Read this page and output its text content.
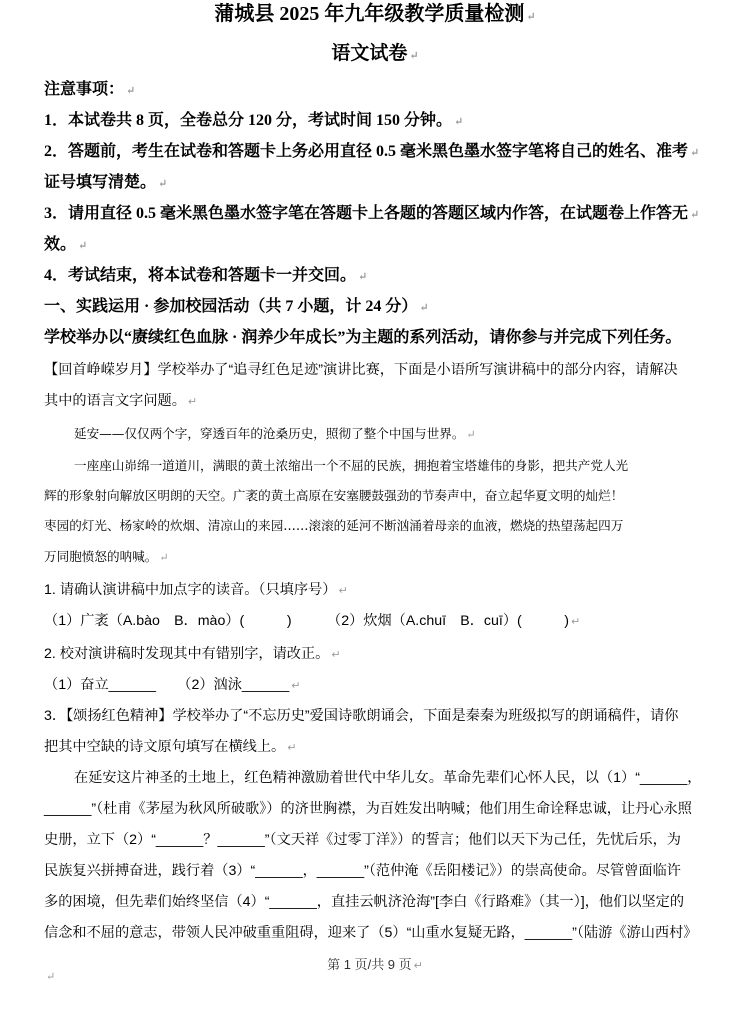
蒲城县 2025 年九年级教学质量检测 ↵
语文试卷 ↵
注意事项： ↵
1．本试卷共 8 页，全卷总分 120 分，考试时间 150 分钟。 ↵
2．答题前，考生在试卷和答题卡上务必用直径 0.5 毫米黑色墨水签字笔将自己的姓名、准考 ↵
证号填写清楚。 ↵
3．请用直径 0.5 毫米黑色墨水签字笔在答题卡上各题的答题区域内作答，在试题卷上作答无 ↵
效。 ↵
4．考试结束，将本试卷和答题卡一并交回。 ↵
一、实践运用 · 参加校园活动（共 7 小题，计 24 分） ↵
学校举办以“赓续红色血脉 · 润养少年成长”为主题的系列活动，请你参与并完成下列任务。
【回首峥嵘岁月】学校举办了“追寻红色足迹”演讲比赛，下面是小语所写演讲稿中的部分内容，请解决
其中的语言文字问题。 ↵
延安——仅仅两个字，穿透百年的沧桑历史，照彻了整个中国与世界。 ↵
一座座山峁绵一道道川，满眼的黄土浓缩出一个不屈的民族，拥抱着宝塔雄伟的身影，把共产党人光
辉的形象射向解放区明朗的天空。广袤的黄土高原在安塞腰鼓强劲的节奏声中，奋立起华夏文明的灿烂！
枣园的灯光、杨家岭的炊烟、清凉山的来园……滚滚的延河不断汹涌着母亲的血液，燃烧的热望荡起四万
万同胞愤怒的呐喊。 ↵
1. 请确认演讲稿中加点字的读音。（只填序号） ↵
（1）广袤（A.bào　B．mào）(　　　)　　　（2）炊烟（A.chuī　B．cuī）(　　　) ↵
2. 校对演讲稿时发现其中有错别字，请改正。 ↵
（1）奋立______　　（2）汹泳______ ↵
3．【颂扬红色精神】学校举办了“不忘历史”爱国诗歌朗诵会，下面是秦秦为班级拟写的朗诵稿件，请你
把其中空缺的诗文原句填写在横线上。 ↵
在延安这片神圣的土地上，红色精神激励着世代中华儿女。革命先辈们心怀人民，以（1）“______，
______”（杜甫《茅屋为秋风所破歌》）的济世胸襟，为百姓发出呐喊；他们用生命诠释忠诚，让丹心永照
史册，立下（2）“______？______”（文天祥《过零丁洋》）的誓言；他们以天下为己任，先忧后乐，为
民族复兴拼搏奋进，践行着（3）“______，______”（范仲淹《岳阳楼记》）的崇高使命。尽管曾面临许
多的困境，但先辈们始终坚信（4）“______，直挂云帆济沧海”[李白《行路难》（其一）]，他们以坚定的
信念和不屈的意志，带领人民冲破重重阻碍，迎来了（5）“山重水复疑无路，______”（陆游《游山西村》
第 1 页/共 9 页 ↵
↵
